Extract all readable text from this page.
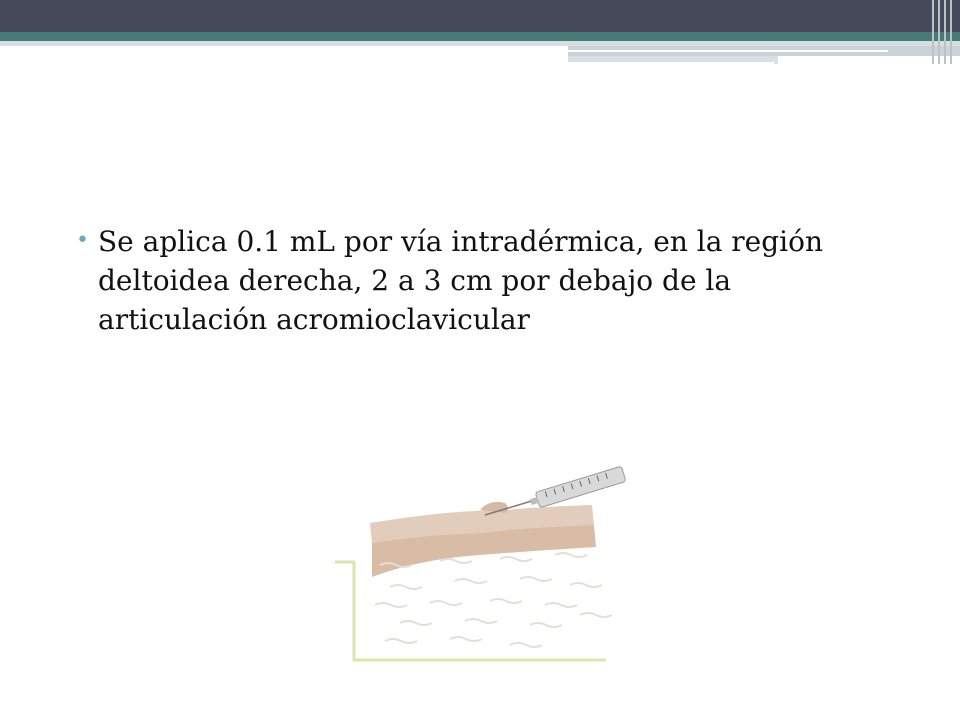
• Se aplica 0.1 mL por vía intradérmica, en la región deltoidea derecha, 2 a 3 cm por debajo de la articulación acromioclavicular
